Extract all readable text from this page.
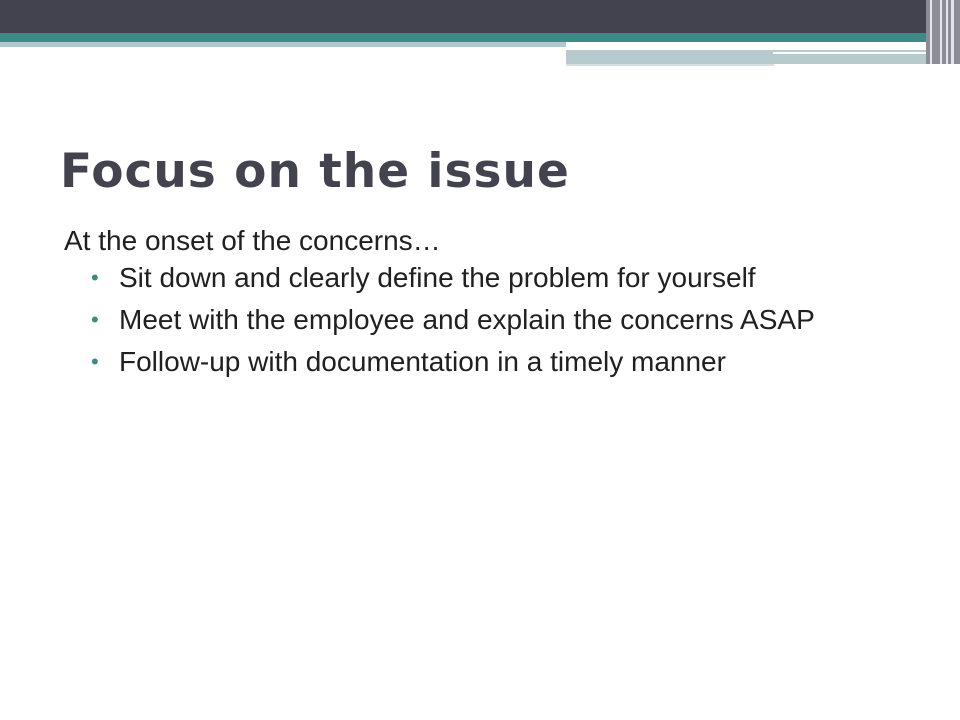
Focus on the issue

At the onset of the concerns…

• Sit down and clearly define the problem for yourself
• Meet with the employee and explain the concerns ASAP
• Follow-up with documentation in a timely manner
